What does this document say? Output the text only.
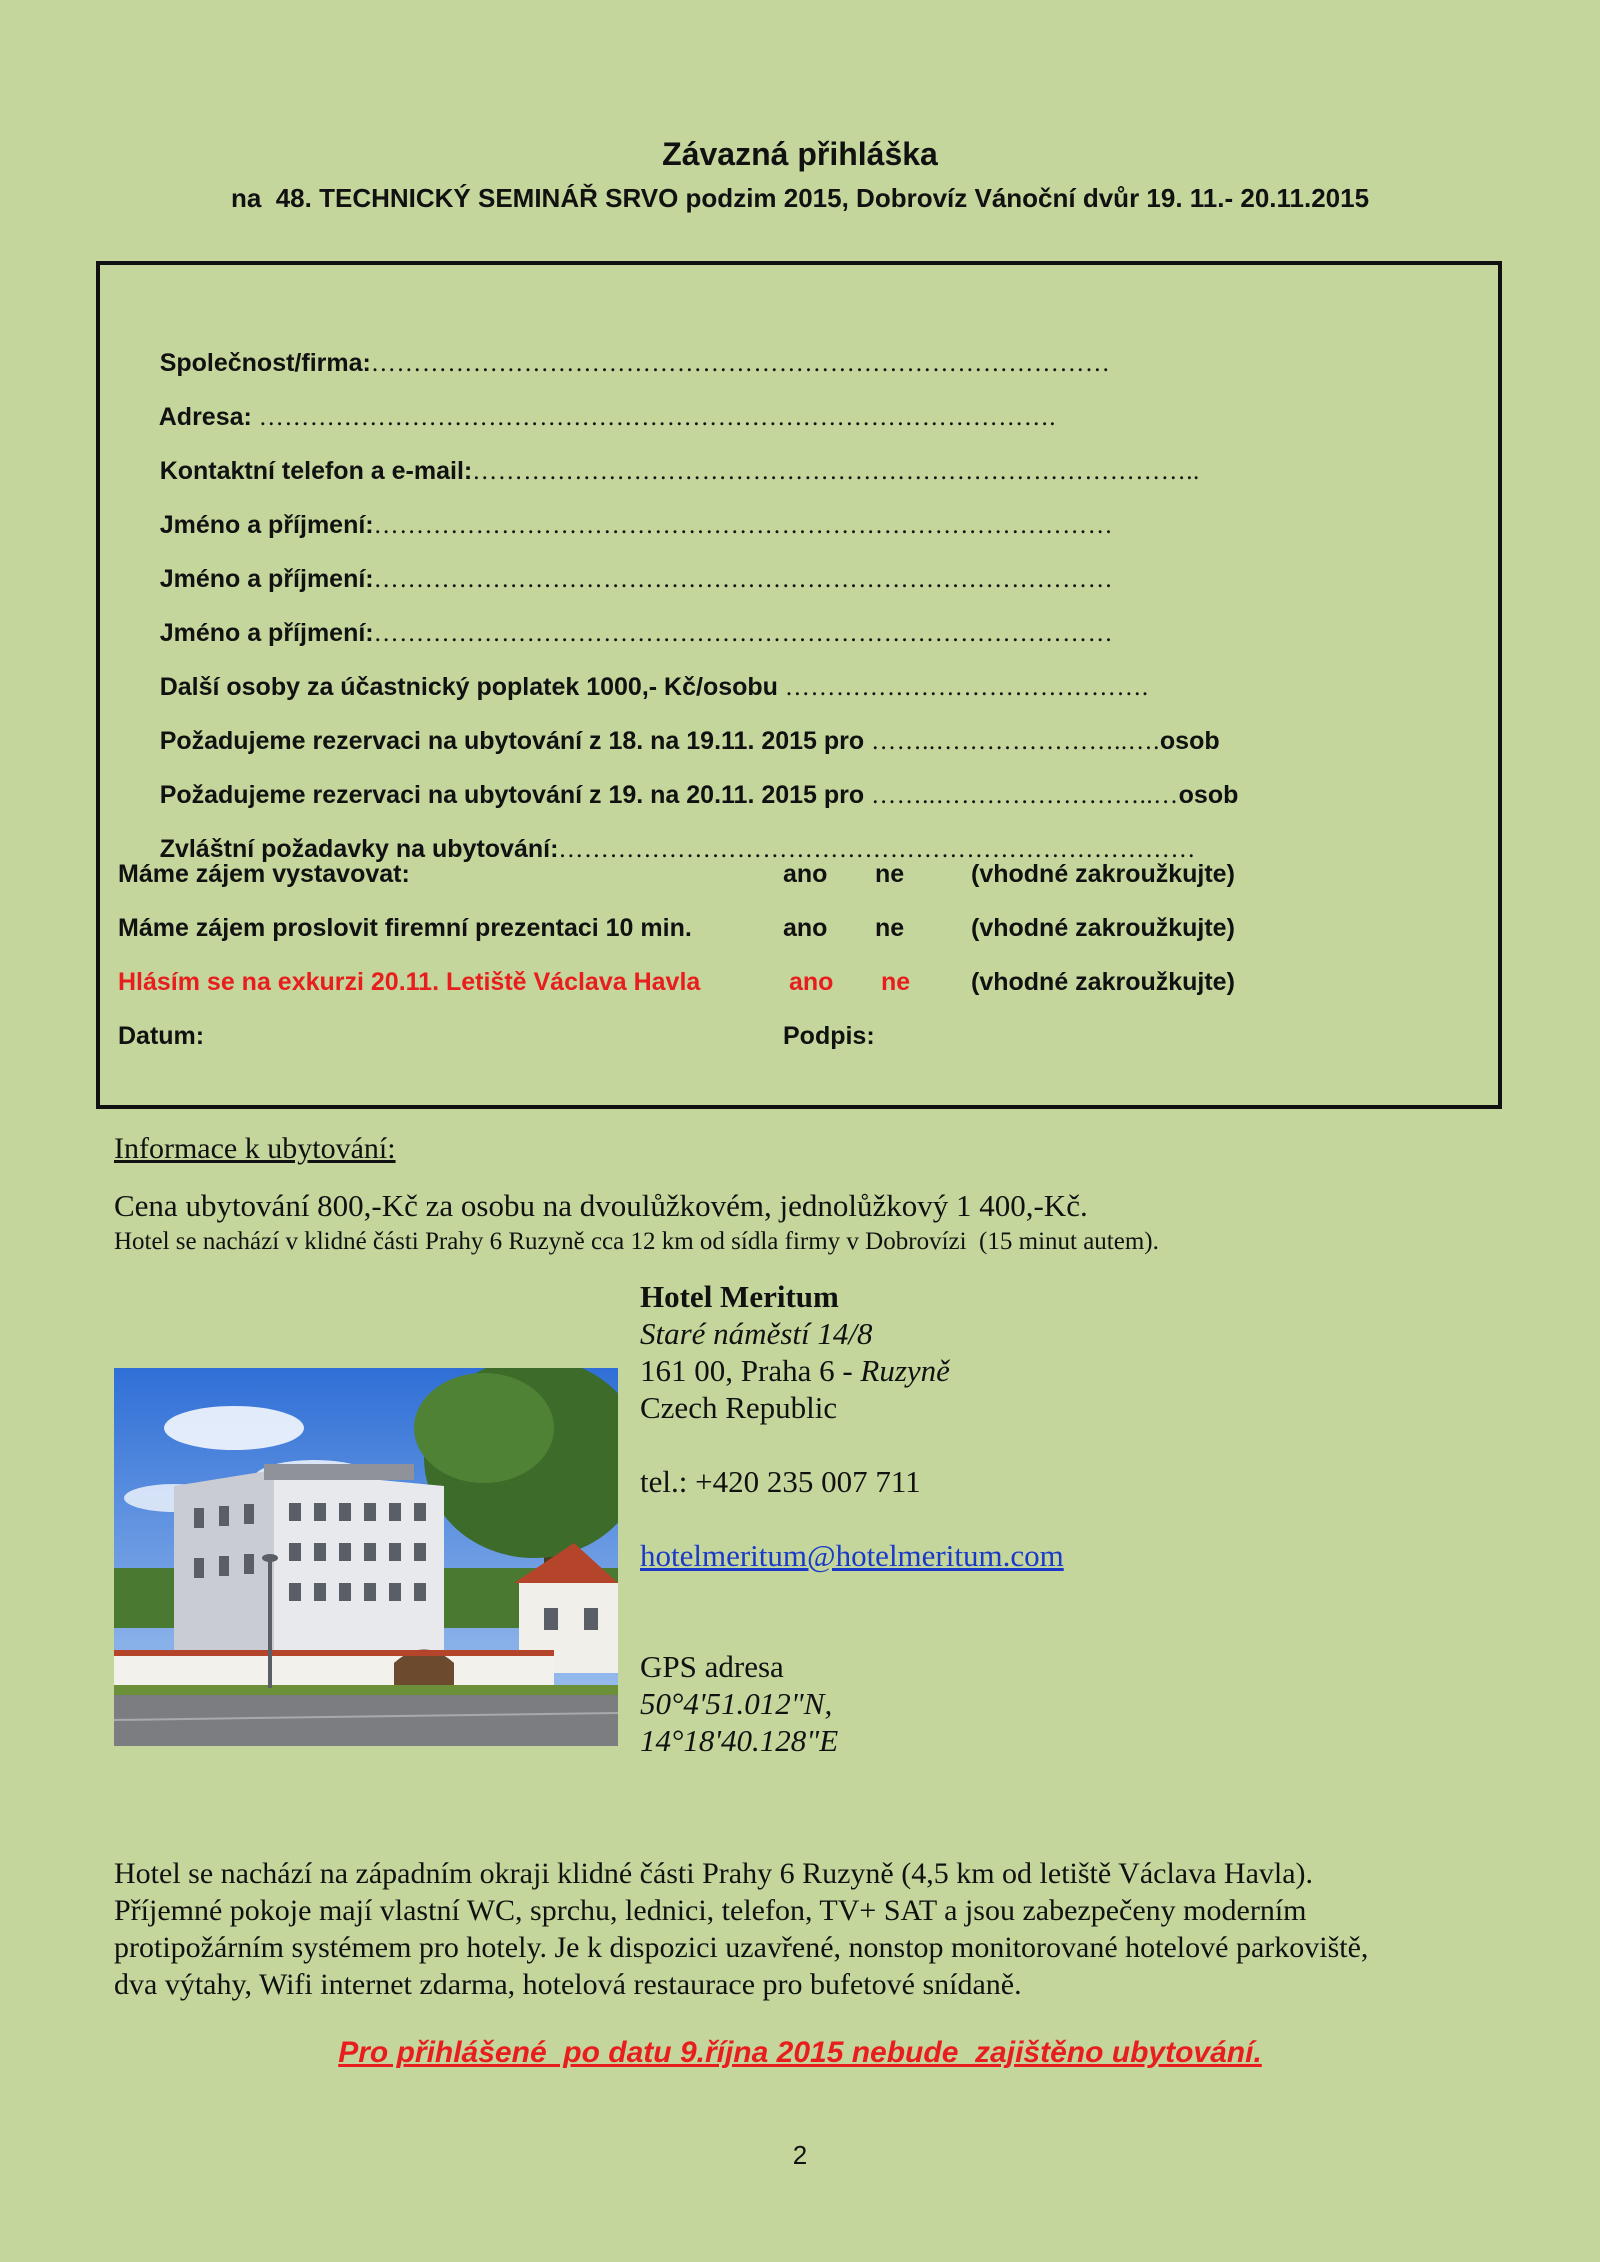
Závazná přihláška
na  48. TECHNICKÝ SEMINÁŘ SRVO podzim 2015, Dobrovíz Vánoční dvůr 19. 11.- 20.11.2015

Společnost/firma:……………………………………………………………………………

Adresa: ………………………………………………………………………………….

Kontaktní telefon a e-mail:…………………………………………………………………………..

Jméno a příjmení:……………………………………………………………………………

Jméno a příjmení:……………………………………………………………………………

Jméno a příjmení:……………………………………………………………………………

Další osoby za účastnický poplatek 1000,- Kč/osobu …………………………………….

Požadujeme rezervaci na ubytování z 18. na 19.11. 2015 pro ……..…………………..….osob

Požadujeme rezervaci na ubytování z 19. na 20.11. 2015 pro ……..……………………..…osob

Zvláštní požadavky na ubytování:…………………………………………………………………

Máme zájem vystavovat:	ano ne	(vhodné zakroužkujte)
Máme zájem proslovit firemní prezentaci 10 min.	ano ne	(vhodné zakroužkujte)
Hlásím se na exkurzi 20.11. Letiště Václava Havla	ano ne (vhodné zakroužkujte)
Datum:	Podpis:
Informace k ubytování:
Cena ubytování 800,-Kč za osobu na dvoulůžkovém, jednolůžkový 1 400,-Kč.
Hotel se nachází v klidné části Prahy 6 Ruzyně cca 12 km od sídla firmy v Dobrovízi  (15 minut autem).
Hotel Meritum
Staré náměstí 14/8
161 00, Praha 6 - Ruzyně
Czech Republic
tel.: +420 235 007 711
hotelmeritum@hotelmeritum.com
GPS adresa
50°4'51.012"N,
14°18'40.128"E
Hotel se nachází na západním okraji klidné části Prahy 6 Ruzyně (4,5 km od letiště Václava Havla).
Příjemné pokoje mají vlastní WC, sprchu, lednici, telefon, TV+ SAT a jsou zabezpečeny moderním
protipožárním systémem pro hotely. Je k dispozici uzavřené, nonstop monitorované hotelové parkoviště,
dva výtahy, Wifi internet zdarma, hotelová restaurace pro bufetové snídaně.
Pro přihlášené  po datu 9.října 2015 nebude  zajištěno ubytování.
2
